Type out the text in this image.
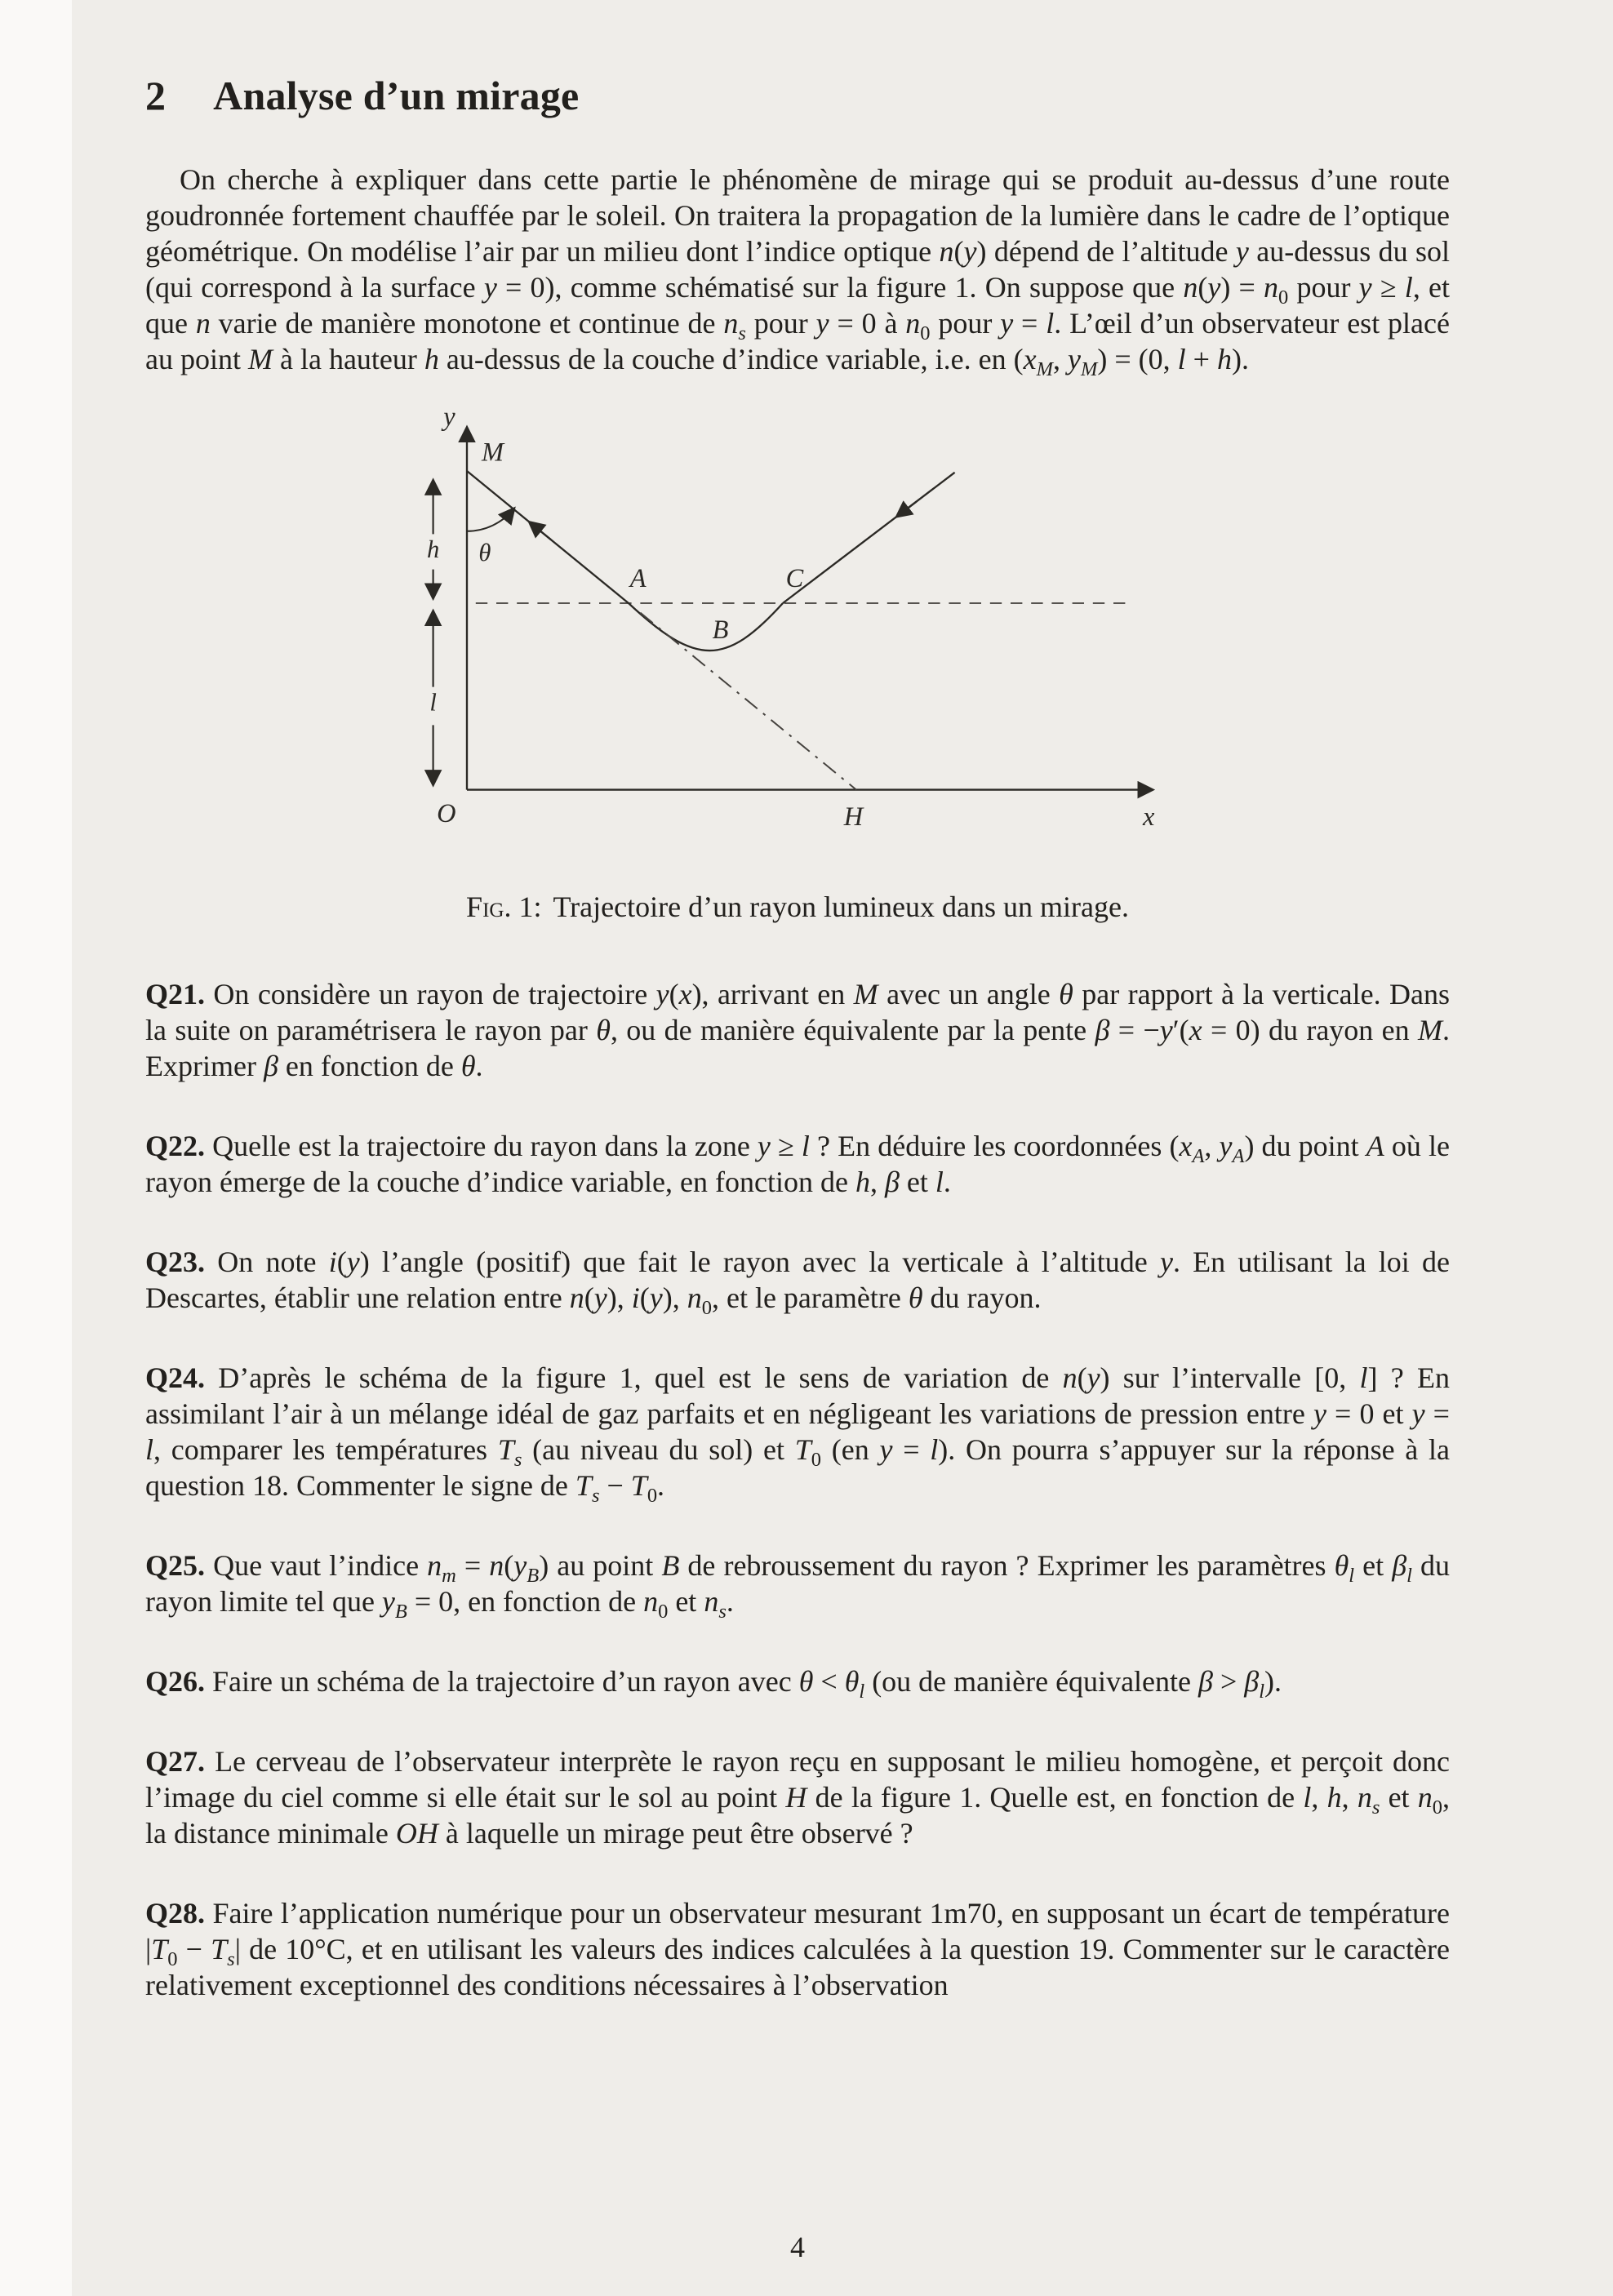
2 Analyse d’un mirage

On cherche à expliquer dans cette partie le phénomène de mirage qui se produit au-dessus d’une route goudronnée fortement chauffée par le soleil. On traitera la propagation de la lumière dans le cadre de l’optique géométrique. On modélise l’air par un milieu dont l’indice optique n(y) dépend de l’altitude y au-dessus du sol (qui correspond à la surface y = 0), comme schématisé sur la figure 1. On suppose que $n(y) = n_0$ pour y ≥ l, et que n varie de manière monotone et continue de $n_s$ pour y = 0 à $n_0$ pour y = l. L’œil d’un observateur est placé au point M à la hauteur h au-dessus de la couche d’indice variable, i.e. en ($x_M$, $y_M) = (0$, l + h).

y
x
O
M
θ
A
B
C
H
h
l
Fig. 1: Trajectoire d’un rayon lumineux dans un mirage.

Q21. On considère un rayon de trajectoire y(x), arrivant en M avec un angle θ par rapport à la verticale. Dans la suite on paramétrisera le rayon par θ, ou de manière équivalente par la pente β = −y′(x = 0) du rayon en M. Exprimer β en fonction de θ.

Q22. Quelle est la trajectoire du rayon dans la zone y ≥ l ? En déduire les coordonnées ($x_A$, $y_A$) du point A où le rayon émerge de la couche d’indice variable, en fonction de h, β et l.

Q23. On note i(y) l’angle (positif) que fait le rayon avec la verticale à l’altitude y. En utilisant la loi de Descartes, établir une relation entre n(y), i(y), $n_0$, et le paramètre θ du rayon.

Q24. D’après le schéma de la figure 1, quel est le sens de variation de n(y) sur l’intervalle [0, l] ? En assimilant l’air à un mélange idéal de gaz parfaits et en négligeant les variations de pression entre y = 0 et y = l, comparer les températures $T_s$ (au niveau du sol) et $T_0$ (en y = l). On pourra s’appuyer sur la réponse à la question 18. Commenter le signe de $T_s - T_0$.

Q25. Que vaut l’indice $n_m = n(y_B)$ au point B de rebroussement du rayon ? Exprimer les paramètres $\theta_l$ et $\beta_l$ du rayon limite tel que $y_B = 0$, en fonction de $n_0$ et $n_s$.

Q26. Faire un schéma de la trajectoire d’un rayon avec $\theta < \theta_l$ (ou de manière équivalente $\beta > \beta_l$).

Q27. Le cerveau de l’observateur interprète le rayon reçu en supposant le milieu homogène, et perçoit donc l’image du ciel comme si elle était sur le sol au point H de la figure 1. Quelle est, en fonction de l, h, $n_s$ et $n_0$, la distance minimale OH à laquelle un mirage peut être observé ?

Q28. Faire l’application numérique pour un observateur mesurant 1m70, en supposant un écart de température $|T_0 - T_s|$ de 10°C, et en utilisant les valeurs des indices calculées à la question 19. Commenter sur le caractère relativement exceptionnel des conditions nécessaires à l’observation

4
